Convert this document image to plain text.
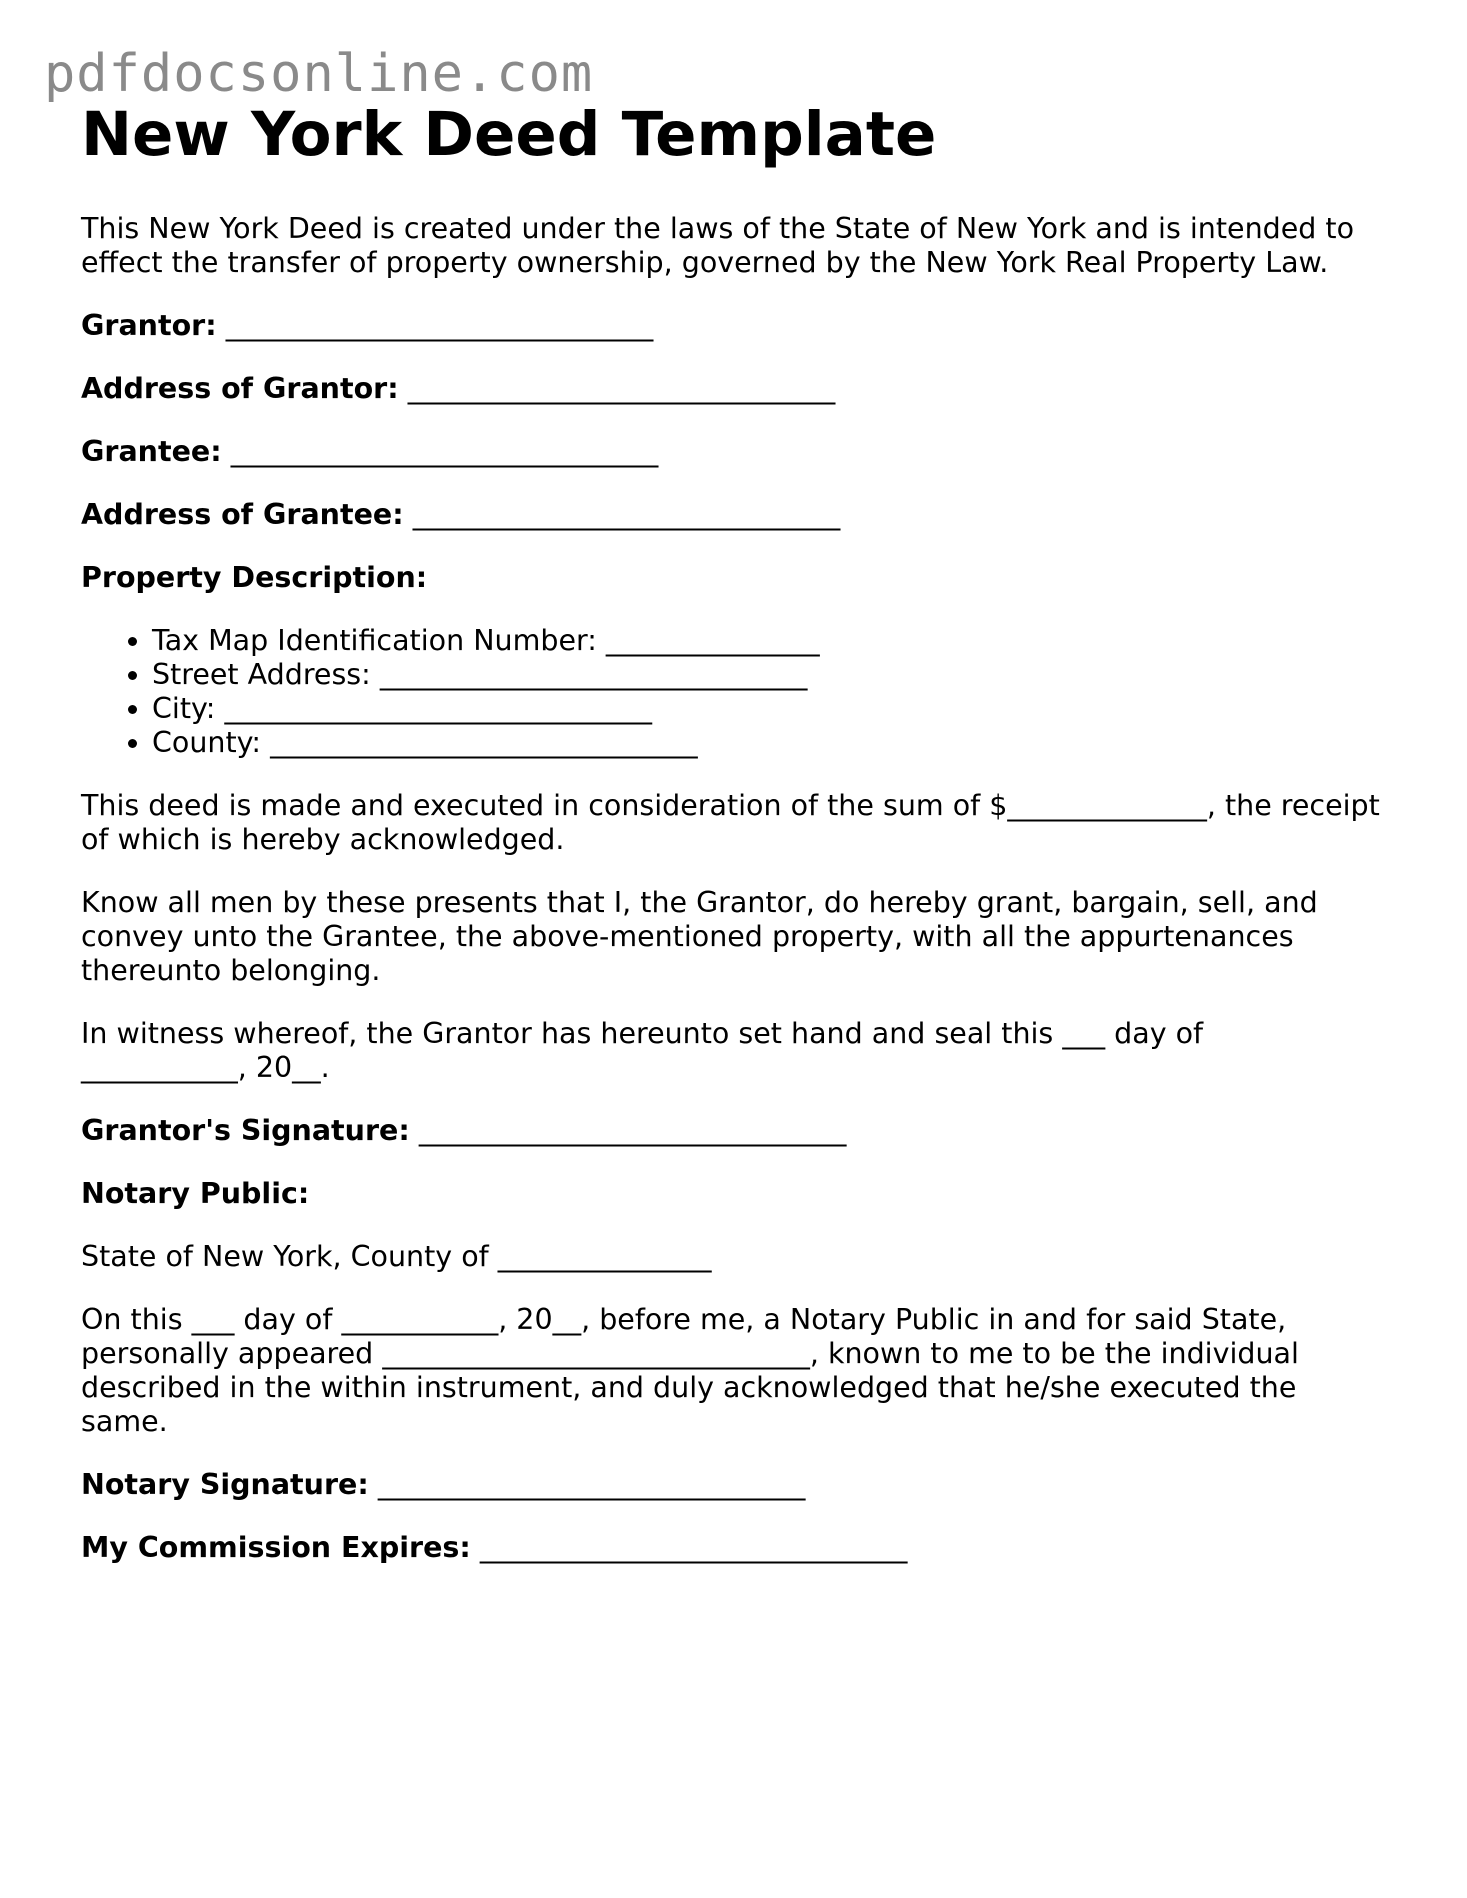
pdfdocsonline.com
New York Deed Template

This New York Deed is created under the laws of the State of New York and is intended to effect the transfer of property ownership, governed by the New York Real Property Law.

Grantor: ______________________________

Address of Grantor: ______________________________

Grantee: ______________________________

Address of Grantee: ______________________________

Property Description:

• Tax Map Identification Number: _______________
• Street Address: ______________________________
• City: ______________________________
• County: ______________________________

This deed is made and executed in consideration of the sum of $______________, the receipt of which is hereby acknowledged.

Know all men by these presents that I, the Grantor, do hereby grant, bargain, sell, and convey unto the Grantee, the above-mentioned property, with all the appurtenances thereunto belonging.

In witness whereof, the Grantor has hereunto set hand and seal this ___ day of
___________, 20__.

Grantor's Signature: ______________________________

Notary Public:

State of New York, County of _______________

On this ___ day of ___________, 20__, before me, a Notary Public in and for said State, personally appeared ______________________________, known to me to be the individual described in the within instrument, and duly acknowledged that he/she executed the same.

Notary Signature: ______________________________

My Commission Expires: ______________________________
